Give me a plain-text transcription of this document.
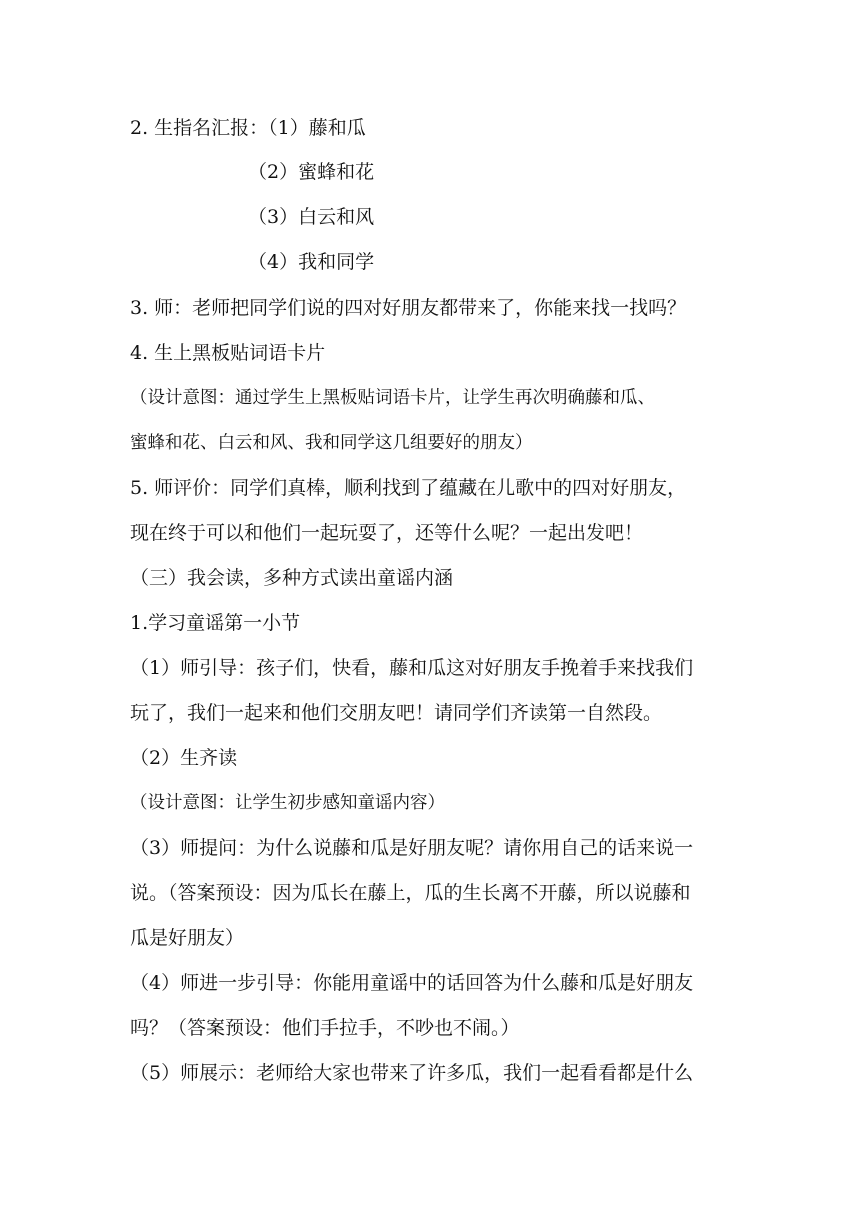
2. 生指名汇报：（1）藤和瓜
（2）蜜蜂和花
（3）白云和风
（4）我和同学
3. 师：老师把同学们说的四对好朋友都带来了，你能来找一找吗？
4. 生上黑板贴词语卡片
（设计意图：通过学生上黑板贴词语卡片，让学生再次明确藤和瓜、
蜜蜂和花、白云和风、我和同学这几组要好的朋友）
5. 师评价：同学们真棒，顺利找到了蕴藏在儿歌中的四对好朋友，
现在终于可以和他们一起玩耍了，还等什么呢？一起出发吧！
（三）我会读，多种方式读出童谣内涵
1.学习童谣第一小节
（1）师引导：孩子们，快看，藤和瓜这对好朋友手挽着手来找我们
玩了，我们一起来和他们交朋友吧！请同学们齐读第一自然段。
（2）生齐读
（设计意图：让学生初步感知童谣内容）
（3）师提问：为什么说藤和瓜是好朋友呢？请你用自己的话来说一
说。（答案预设：因为瓜长在藤上，瓜的生长离不开藤，所以说藤和
瓜是好朋友）
（4）师进一步引导：你能用童谣中的话回答为什么藤和瓜是好朋友
吗？（答案预设：他们手拉手，不吵也不闹。）
（5）师展示：老师给大家也带来了许多瓜，我们一起看看都是什么
